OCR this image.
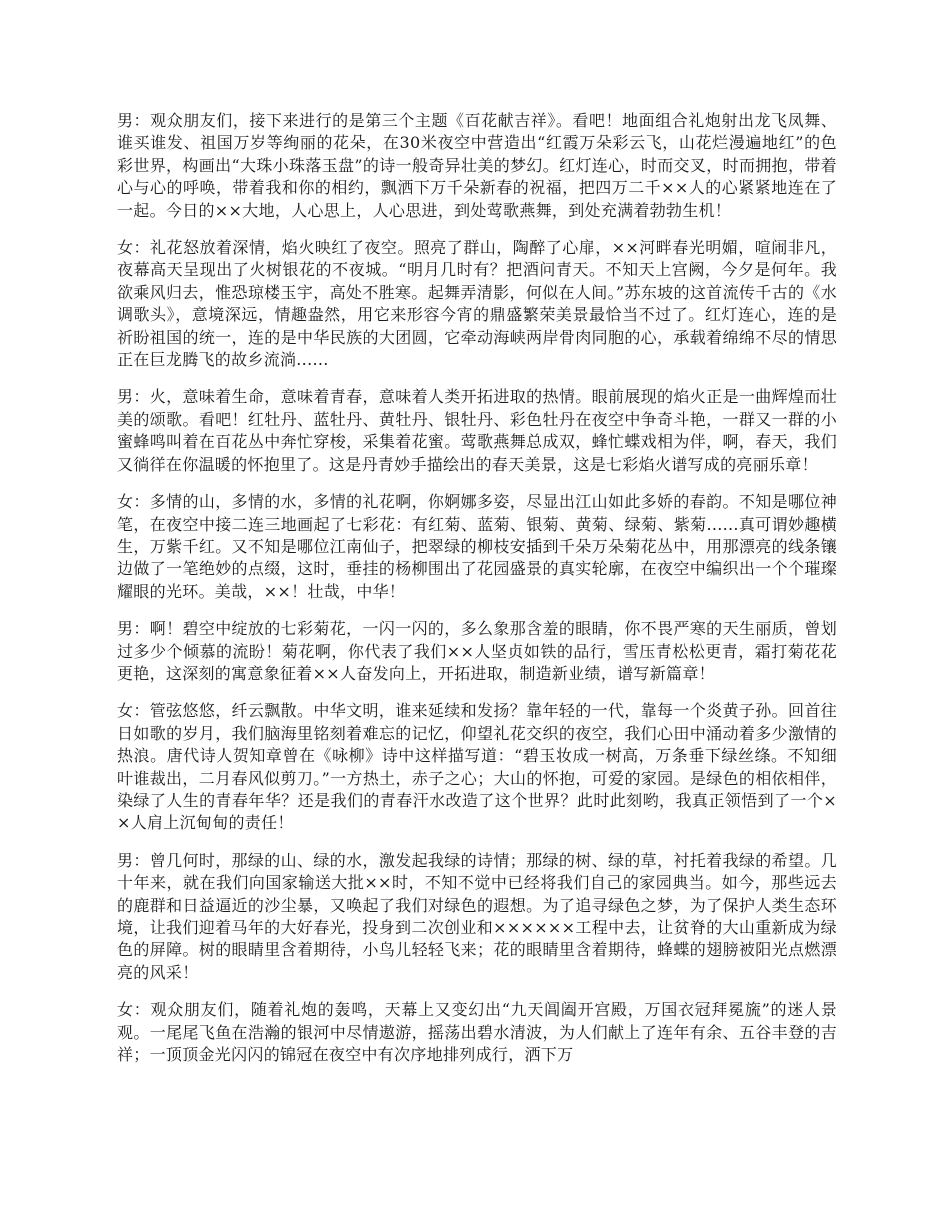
男：观众朋友们，接下来进行的是第三个主题《百花献吉祥》。看吧！地面组合礼炮射出龙飞凤舞、谁买谁发、祖国万岁等绚丽的花朵，在30米夜空中营造出“红霞万朵彩云飞，山花烂漫遍地红”的色彩世界，构画出“大珠小珠落玉盘”的诗一般奇异壮美的梦幻。红灯连心，时而交叉，时而拥抱，带着心与心的呼唤，带着我和你的相约，飘洒下万千朵新春的祝福，把四万二千××人的心紧紧地连在了一起。今日的××大地，人心思上，人心思进，到处莺歌燕舞，到处充满着勃勃生机！

女：礼花怒放着深情，焰火映红了夜空。照亮了群山，陶醉了心扉，××河畔春光明媚，喧闹非凡，夜幕高天呈现出了火树银花的不夜城。“明月几时有？把酒问青天。不知天上宫阙，今夕是何年。我欲乘风归去，惟恐琼楼玉宇，高处不胜寒。起舞弄清影，何似在人间。”苏东坡的这首流传千古的《水调歌头》，意境深远，情趣盎然，用它来形容今宵的鼎盛繁荣美景最恰当不过了。红灯连心，连的是祈盼祖国的统一，连的是中华民族的大团圆，它牵动海峡两岸骨肉同胞的心，承载着绵绵不尽的情思正在巨龙腾飞的故乡流淌......

男：火，意味着生命，意味着青春，意味着人类开拓进取的热情。眼前展现的焰火正是一曲辉煌而壮美的颂歌。看吧！红牡丹、蓝牡丹、黄牡丹、银牡丹、彩色牡丹在夜空中争奇斗艳，一群又一群的小蜜蜂鸣叫着在百花丛中奔忙穿梭，采集着花蜜。莺歌燕舞总成双，蜂忙蝶戏相为伴，啊，春天，我们又徜徉在你温暖的怀抱里了。这是丹青妙手描绘出的春天美景，这是七彩焰火谱写成的亮丽乐章！

女：多情的山，多情的水，多情的礼花啊，你婀娜多姿，尽显出江山如此多娇的春韵。不知是哪位神笔，在夜空中接二连三地画起了七彩花：有红菊、蓝菊、银菊、黄菊、绿菊、紫菊......真可谓妙趣横生，万紫千红。又不知是哪位江南仙子，把翠绿的柳枝安插到千朵万朵菊花丛中，用那漂亮的线条镶边做了一笔绝妙的点缀，这时，垂挂的杨柳围出了花园盛景的真实轮廓，在夜空中编织出一个个璀璨耀眼的光环。美哉，××！壮哉，中华！

男：啊！碧空中绽放的七彩菊花，一闪一闪的，多么象那含羞的眼睛，你不畏严寒的天生丽质，曾划过多少个倾慕的流盼！菊花啊，你代表了我们××人坚贞如铁的品行，雪压青松松更青，霜打菊花花更艳，这深刻的寓意象征着××人奋发向上，开拓进取，制造新业绩，谱写新篇章！

女：管弦悠悠，纤云飘散。中华文明，谁来延续和发扬？靠年轻的一代，靠每一个炎黄子孙。回首往日如歌的岁月，我们脑海里铭刻着难忘的记忆，仰望礼花交织的夜空，我们心田中涌动着多少激情的热浪。唐代诗人贺知章曾在《咏柳》诗中这样描写道：“碧玉妆成一树高，万条垂下绿丝绦。不知细叶谁裁出，二月春风似剪刀。”一方热土，赤子之心；大山的怀抱，可爱的家园。是绿色的相依相伴，染绿了人生的青春年华？还是我们的青春汗水改造了这个世界？此时此刻哟，我真正领悟到了一个××人肩上沉甸甸的责任！

男：曾几何时，那绿的山、绿的水，激发起我绿的诗情；那绿的树、绿的草，衬托着我绿的希望。几十年来，就在我们向国家输送大批××时，不知不觉中已经将我们自己的家园典当。如今，那些远去的鹿群和日益逼近的沙尘暴，又唤起了我们对绿色的遐想。为了追寻绿色之梦，为了保护人类生态环境，让我们迎着马年的大好春光，投身到二次创业和××××××工程中去，让贫脊的大山重新成为绿色的屏障。树的眼睛里含着期待，小鸟儿轻轻飞来；花的眼睛里含着期待，蜂蝶的翅膀被阳光点燃漂亮的风采！

女：观众朋友们，随着礼炮的轰鸣，天幕上又变幻出“九天阊阖开宫殿，万国衣冠拜冕旒”的迷人景观。一尾尾飞鱼在浩瀚的银河中尽情遨游，摇荡出碧水清波，为人们献上了连年有余、五谷丰登的吉祥；一顶顶金光闪闪的锦冠在夜空中有次序地排列成行，洒下万
